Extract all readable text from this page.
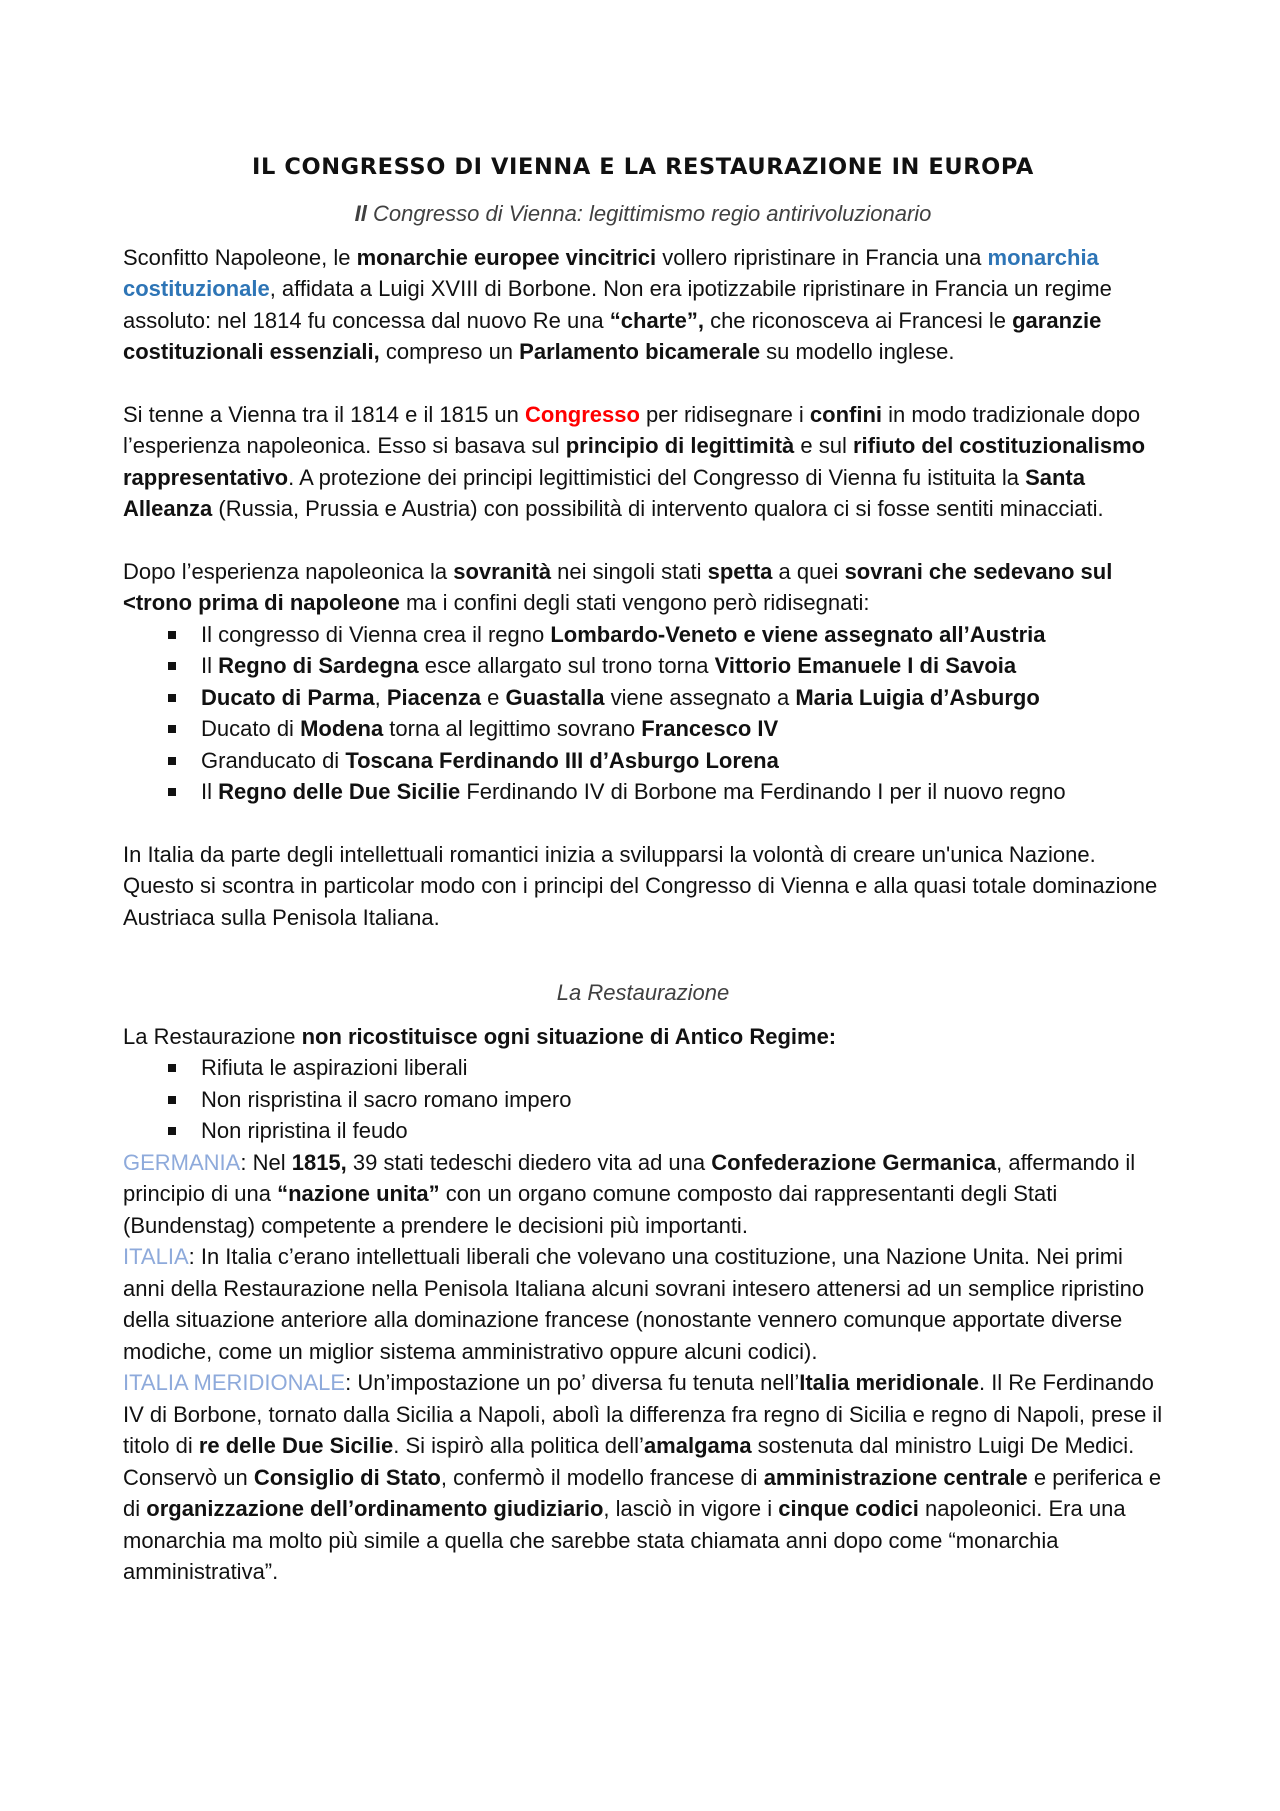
IL CONGRESSO DI VIENNA E LA RESTAURAZIONE IN EUROPA

Il Congresso di Vienna: legittimismo regio antirivoluzionario

Sconfitto Napoleone, le monarchie europee vincitrici vollero ripristinare in Francia una monarchia costituzionale, affidata a Luigi XVIII di Borbone. Non era ipotizzabile ripristinare in Francia un regime assoluto: nel 1814 fu concessa dal nuovo Re una “charte”, che riconosceva ai Francesi le garanzie costituzionali essenziali, compreso un Parlamento bicamerale su modello inglese.

Si tenne a Vienna tra il 1814 e il 1815 un Congresso per ridisegnare i confini in modo tradizionale dopo l’esperienza napoleonica. Esso si basava sul principio di legittimità e sul rifiuto del costituzionalismo rappresentativo. A protezione dei principi legittimistici del Congresso di Vienna fu istituita la Santa Alleanza (Russia, Prussia e Austria) con possibilità di intervento qualora ci si fosse sentiti minacciati.

Dopo l’esperienza napoleonica la sovranità nei singoli stati spetta a quei sovrani che sedevano sul <trono prima di napoleone ma i confini degli stati vengono però ridisegnati:

Il congresso di Vienna crea il regno Lombardo-Veneto e viene assegnato all’Austria
Il Regno di Sardegna esce allargato sul trono torna Vittorio Emanuele I di Savoia
Ducato di Parma, Piacenza e Guastalla viene assegnato a Maria Luigia d’Asburgo
Ducato di Modena torna al legittimo sovrano Francesco IV
Granducato di Toscana Ferdinando III d’Asburgo Lorena
Il Regno delle Due Sicilie Ferdinando IV di Borbone ma Ferdinando I per il nuovo regno

In Italia da parte degli intellettuali romantici inizia a svilupparsi la volontà di creare un'unica Nazione. Questo si scontra in particolar modo con i principi del Congresso di Vienna e alla quasi totale dominazione Austriaca sulla Penisola Italiana.

La Restaurazione

La Restaurazione non ricostituisce ogni situazione di Antico Regime:

Rifiuta le aspirazioni liberali
Non rispristina il sacro romano impero
Non ripristina il feudo

GERMANIA: Nel 1815, 39 stati tedeschi diedero vita ad una Confederazione Germanica, affermando il principio di una “nazione unita” con un organo comune composto dai rappresentanti degli Stati (Bundenstag) competente a prendere le decisioni più importanti.

ITALIA: In Italia c’erano intellettuali liberali che volevano una costituzione, una Nazione Unita. Nei primi anni della Restaurazione nella Penisola Italiana alcuni sovrani intesero attenersi ad un semplice ripristino della situazione anteriore alla dominazione francese (nonostante vennero comunque apportate diverse modiche, come un miglior sistema amministrativo oppure alcuni codici).

ITALIA MERIDIONALE: Un’impostazione un po’ diversa fu tenuta nell’Italia meridionale. Il Re Ferdinando IV di Borbone, tornato dalla Sicilia a Napoli, abolì la differenza fra regno di Sicilia e regno di Napoli, prese il titolo di re delle Due Sicilie. Si ispirò alla politica dell’amalgama sostenuta dal ministro Luigi De Medici. Conservò un Consiglio di Stato, confermò il modello francese di amministrazione centrale e periferica e di organizzazione dell’ordinamento giudiziario, lasciò in vigore i cinque codici napoleonici. Era una monarchia ma molto più simile a quella che sarebbe stata chiamata anni dopo come “monarchia amministrativa”.
